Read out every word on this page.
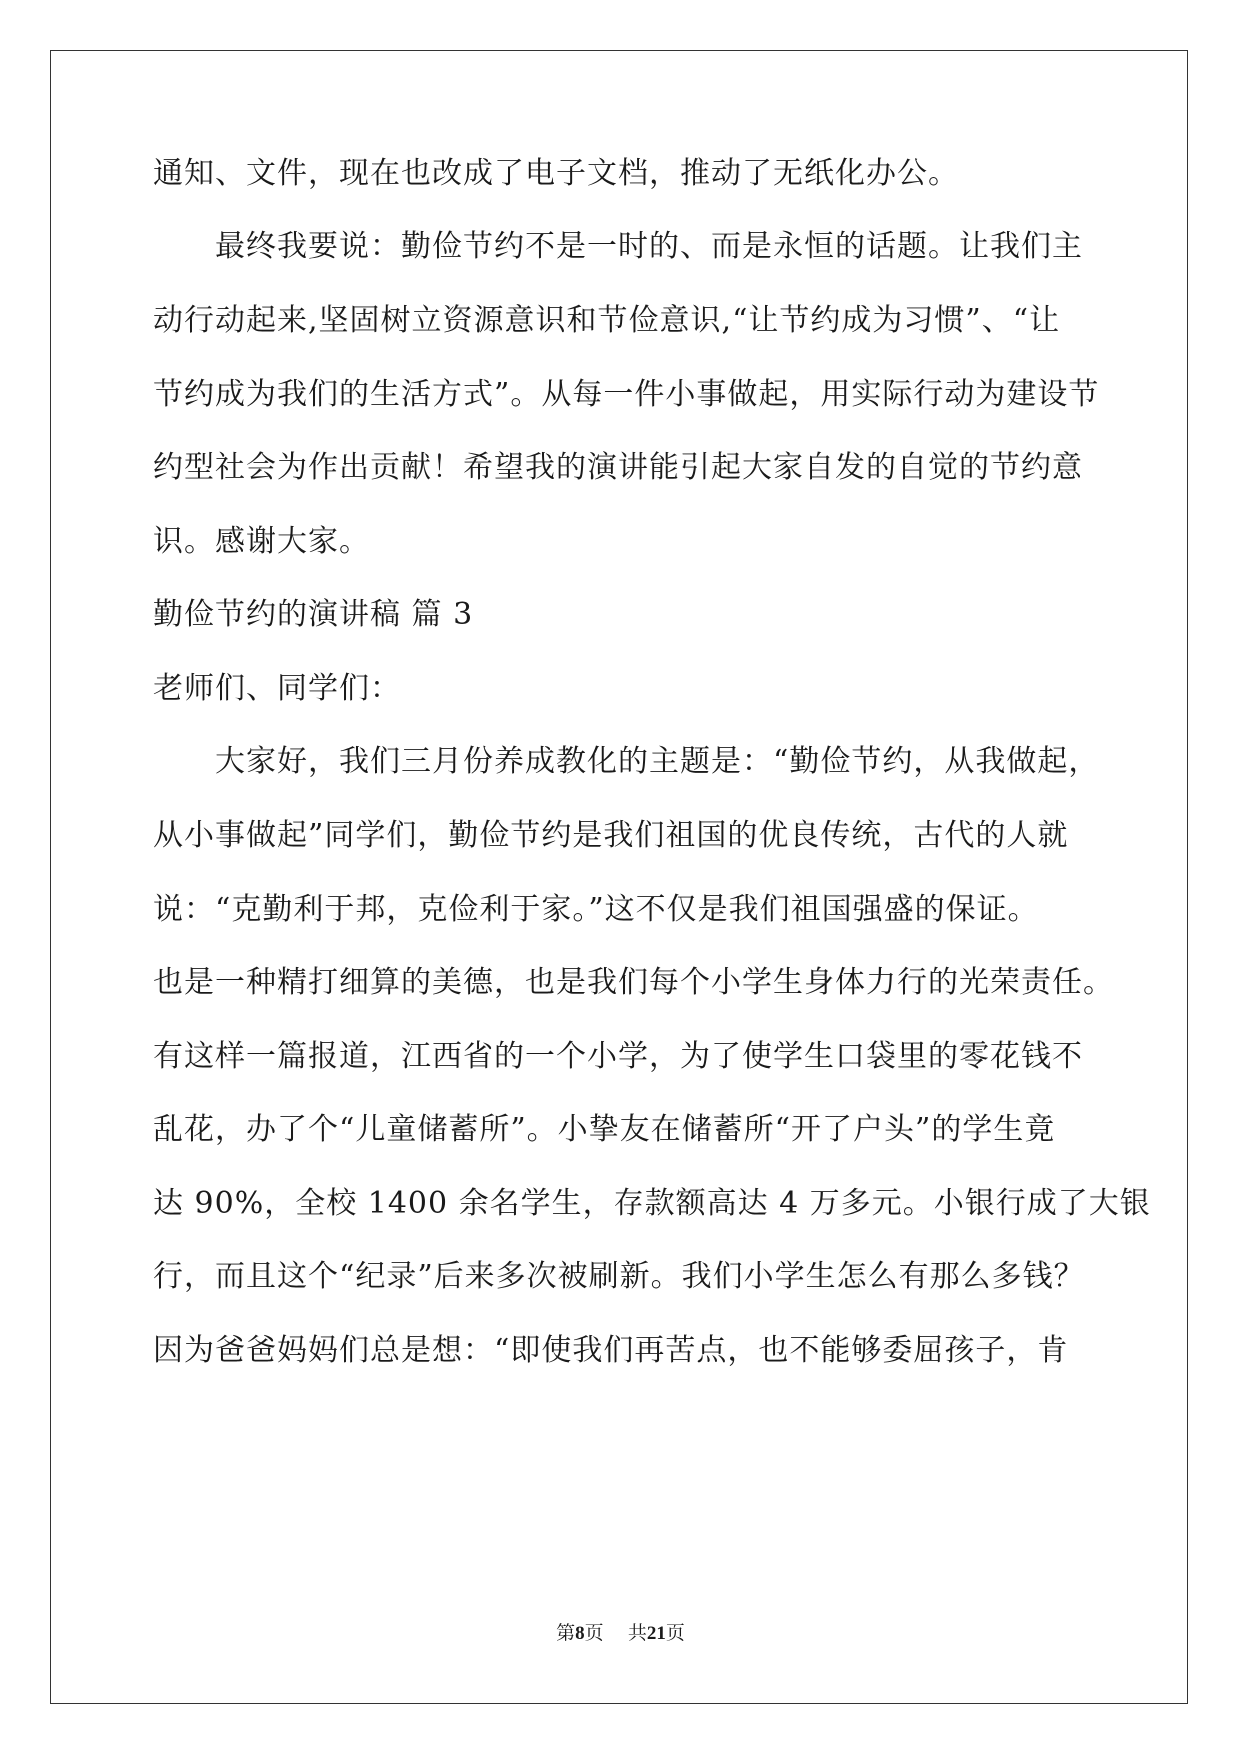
通知、文件，现在也改成了电子文档，推动了无纸化办公。
最终我要说：勤俭节约不是一时的、而是永恒的话题。让我们主
动行动起来,坚固树立资源意识和节俭意识,“让节约成为习惯”、“让
节约成为我们的生活方式”。从每一件小事做起，用实际行动为建设节
约型社会为作出贡献！希望我的演讲能引起大家自发的自觉的节约意
识。感谢大家。
勤俭节约的演讲稿 篇 3
老师们、同学们：
大家好，我们三月份养成教化的主题是：“勤俭节约，从我做起，
从小事做起”同学们，勤俭节约是我们祖国的优良传统，古代的人就
说：“克勤利于邦，克俭利于家。”这不仅是我们祖国强盛的保证。
也是一种精打细算的美德，也是我们每个小学生身体力行的光荣责任。
有这样一篇报道，江西省的一个小学，为了使学生口袋里的零花钱不
乱花，办了个“儿童储蓄所”。小挚友在储蓄所“开了户头”的学生竟
达 90%，全校 1400 余名学生，存款额高达 4 万多元。小银行成了大银
行，而且这个“纪录”后来多次被刷新。我们小学生怎么有那么多钱？
因为爸爸妈妈们总是想：“即使我们再苦点，也不能够委屈孩子，肯
第8页 共21页
